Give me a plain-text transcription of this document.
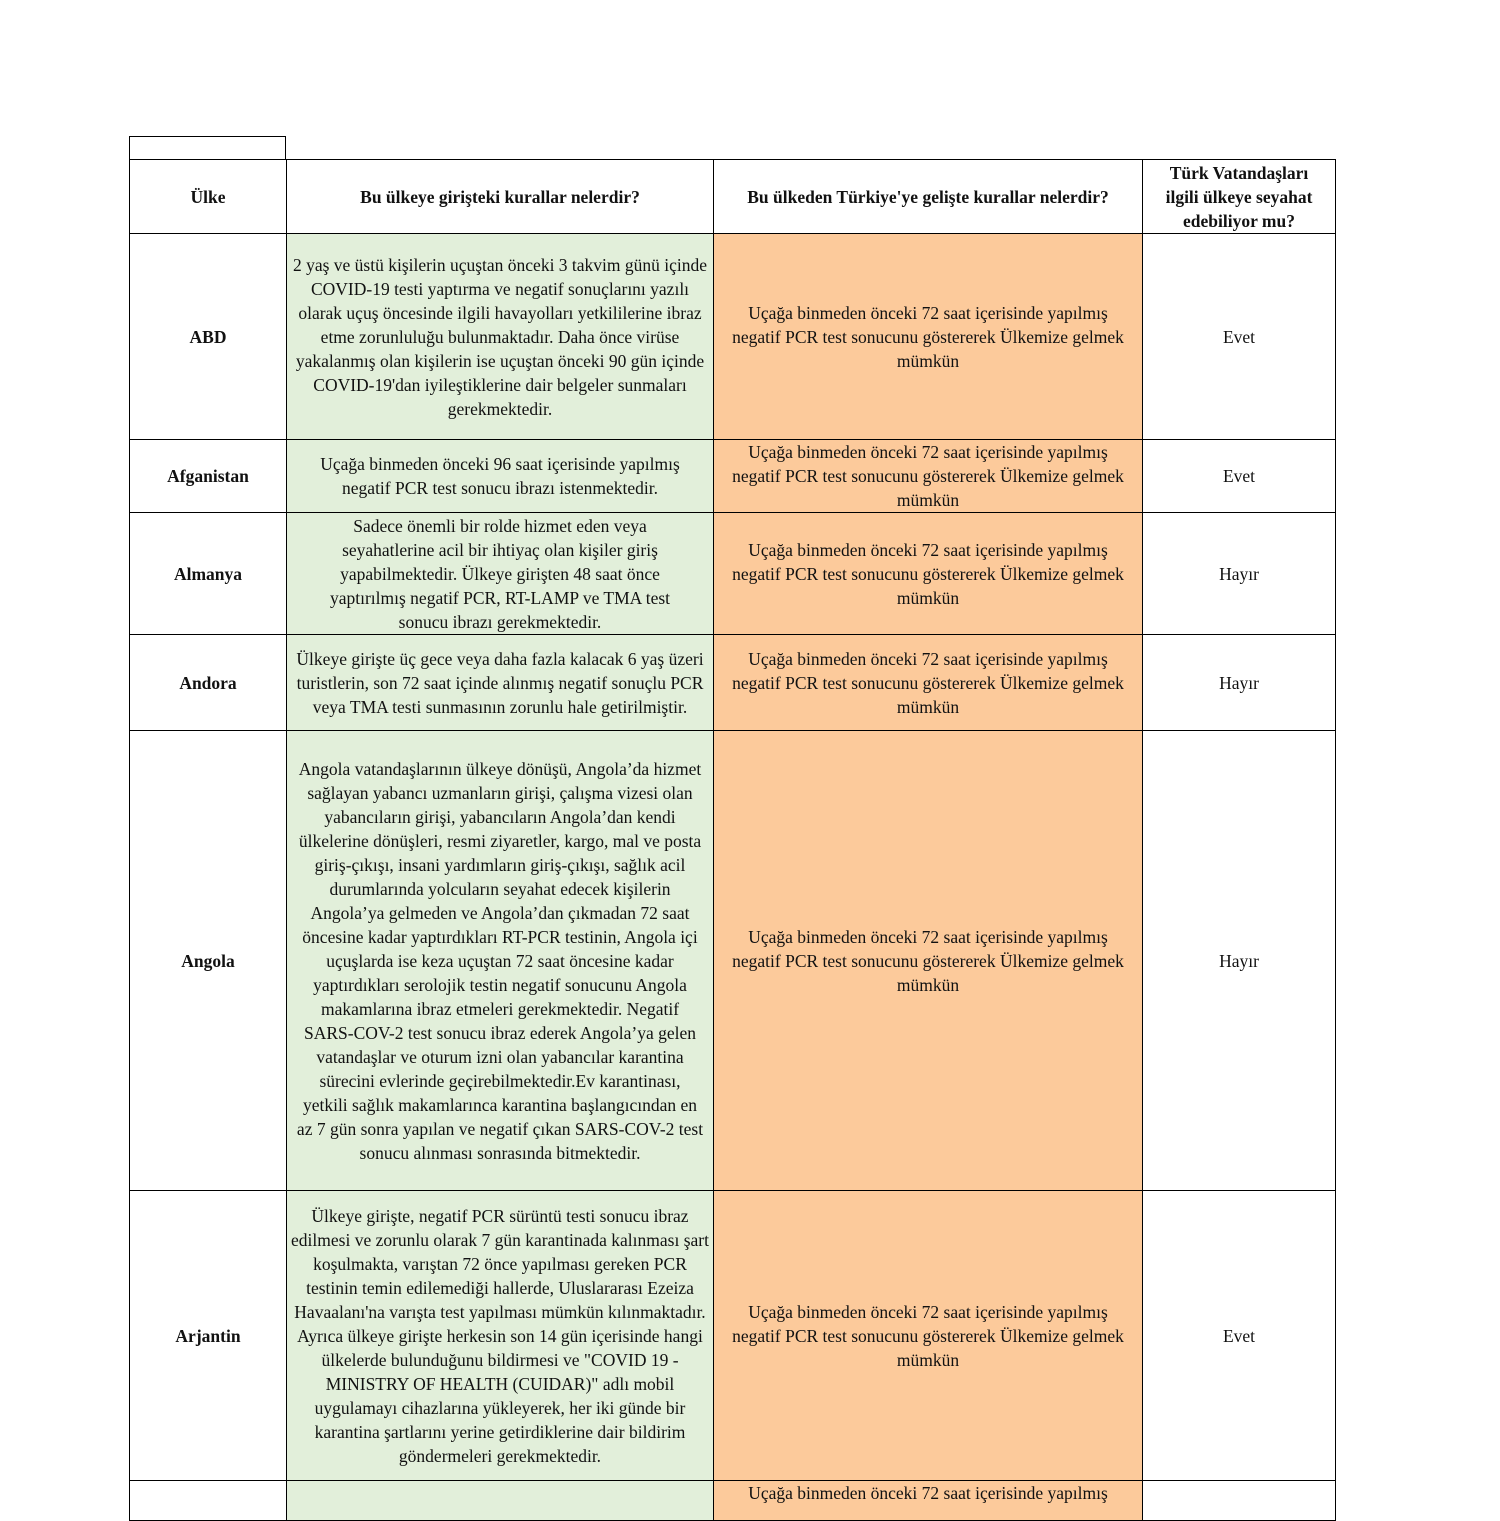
Ülke	Bu ülkeye girişteki kurallar nelerdir?	Bu ülkeden Türkiye'ye gelişte kurallar nelerdir?	Türk Vatandaşları ilgili ülkeye seyahat edebiliyor mu?
ABD	2 yaş ve üstü kişilerin uçuştan önceki 3 takvim günü içinde COVID-19 testi yaptırma ve negatif sonuçlarını yazılı olarak uçuş öncesinde ilgili havayolları yetkililerine ibraz etme zorunluluğu bulunmaktadır. Daha önce virüse yakalanmış olan kişilerin ise uçuştan önceki 90 gün içinde COVID-19'dan iyileştiklerine dair belgeler sunmaları gerekmektedir.	Uçağa binmeden önceki 72 saat içerisinde yapılmış negatif PCR test sonucunu göstererek Ülkemize gelmek mümkün	Evet
Afganistan	Uçağa binmeden önceki 96 saat içerisinde yapılmış negatif PCR test sonucu ibrazı istenmektedir.	Uçağa binmeden önceki 72 saat içerisinde yapılmış negatif PCR test sonucunu göstererek Ülkemize gelmek mümkün	Evet
Almanya	Sadece önemli bir rolde hizmet eden veya seyahatlerine acil bir ihtiyaç olan kişiler giriş yapabilmektedir. Ülkeye girişten 48 saat önce yaptırılmış negatif PCR, RT-LAMP ve TMA test sonucu ibrazı gerekmektedir.	Uçağa binmeden önceki 72 saat içerisinde yapılmış negatif PCR test sonucunu göstererek Ülkemize gelmek mümkün	Hayır
Andora	Ülkeye girişte üç gece veya daha fazla kalacak 6 yaş üzeri turistlerin, son 72 saat içinde alınmış negatif sonuçlu PCR veya TMA testi sunmasının zorunlu hale getirilmiştir.	Uçağa binmeden önceki 72 saat içerisinde yapılmış negatif PCR test sonucunu göstererek Ülkemize gelmek mümkün	Hayır
Angola	Angola vatandaşlarının ülkeye dönüşü, Angola’da hizmet sağlayan yabancı uzmanların girişi, çalışma vizesi olan yabancıların girişi, yabancıların Angola’dan kendi ülkelerine dönüşleri, resmi ziyaretler, kargo, mal ve posta giriş-çıkışı, insani yardımların giriş-çıkışı, sağlık acil durumlarında yolcuların seyahat edecek kişilerin Angola’ya gelmeden ve Angola’dan çıkmadan 72 saat öncesine kadar yaptırdıkları RT-PCR testinin, Angola içi uçuşlarda ise keza uçuştan 72 saat öncesine kadar yaptırdıkları serolojik testin negatif sonucunu Angola makamlarına ibraz etmeleri gerekmektedir. Negatif SARS-COV-2 test sonucu ibraz ederek Angola’ya gelen vatandaşlar ve oturum izni olan yabancılar karantina sürecini evlerinde geçirebilmektedir.Ev karantinası, yetkili sağlık makamlarınca karantina başlangıcından en az 7 gün sonra yapılan ve negatif çıkan SARS-COV-2 test sonucu alınması sonrasında bitmektedir.	Uçağa binmeden önceki 72 saat içerisinde yapılmış negatif PCR test sonucunu göstererek Ülkemize gelmek mümkün	Hayır
Arjantin	Ülkeye girişte, negatif PCR sürüntü testi sonucu ibraz edilmesi ve zorunlu olarak 7 gün karantinada kalınması şart koşulmakta, varıştan 72 önce yapılması gereken PCR testinin temin edilemediği hallerde, Uluslararası Ezeiza Havaalanı'na varışta test yapılması mümkün kılınmaktadır. Ayrıca ülkeye girişte herkesin son 14 gün içerisinde hangi ülkelerde bulunduğunu bildirmesi ve "COVID 19 - MINISTRY OF HEALTH (CUIDAR)" adlı mobil uygulamayı cihazlarına yükleyerek, her iki günde bir karantina şartlarını yerine getirdiklerine dair bildirim göndermeleri gerekmektedir.	Uçağa binmeden önceki 72 saat içerisinde yapılmış negatif PCR test sonucunu göstererek Ülkemize gelmek mümkün	Evet
		Uçağa binmeden önceki 72 saat içerisinde yapılmış	
